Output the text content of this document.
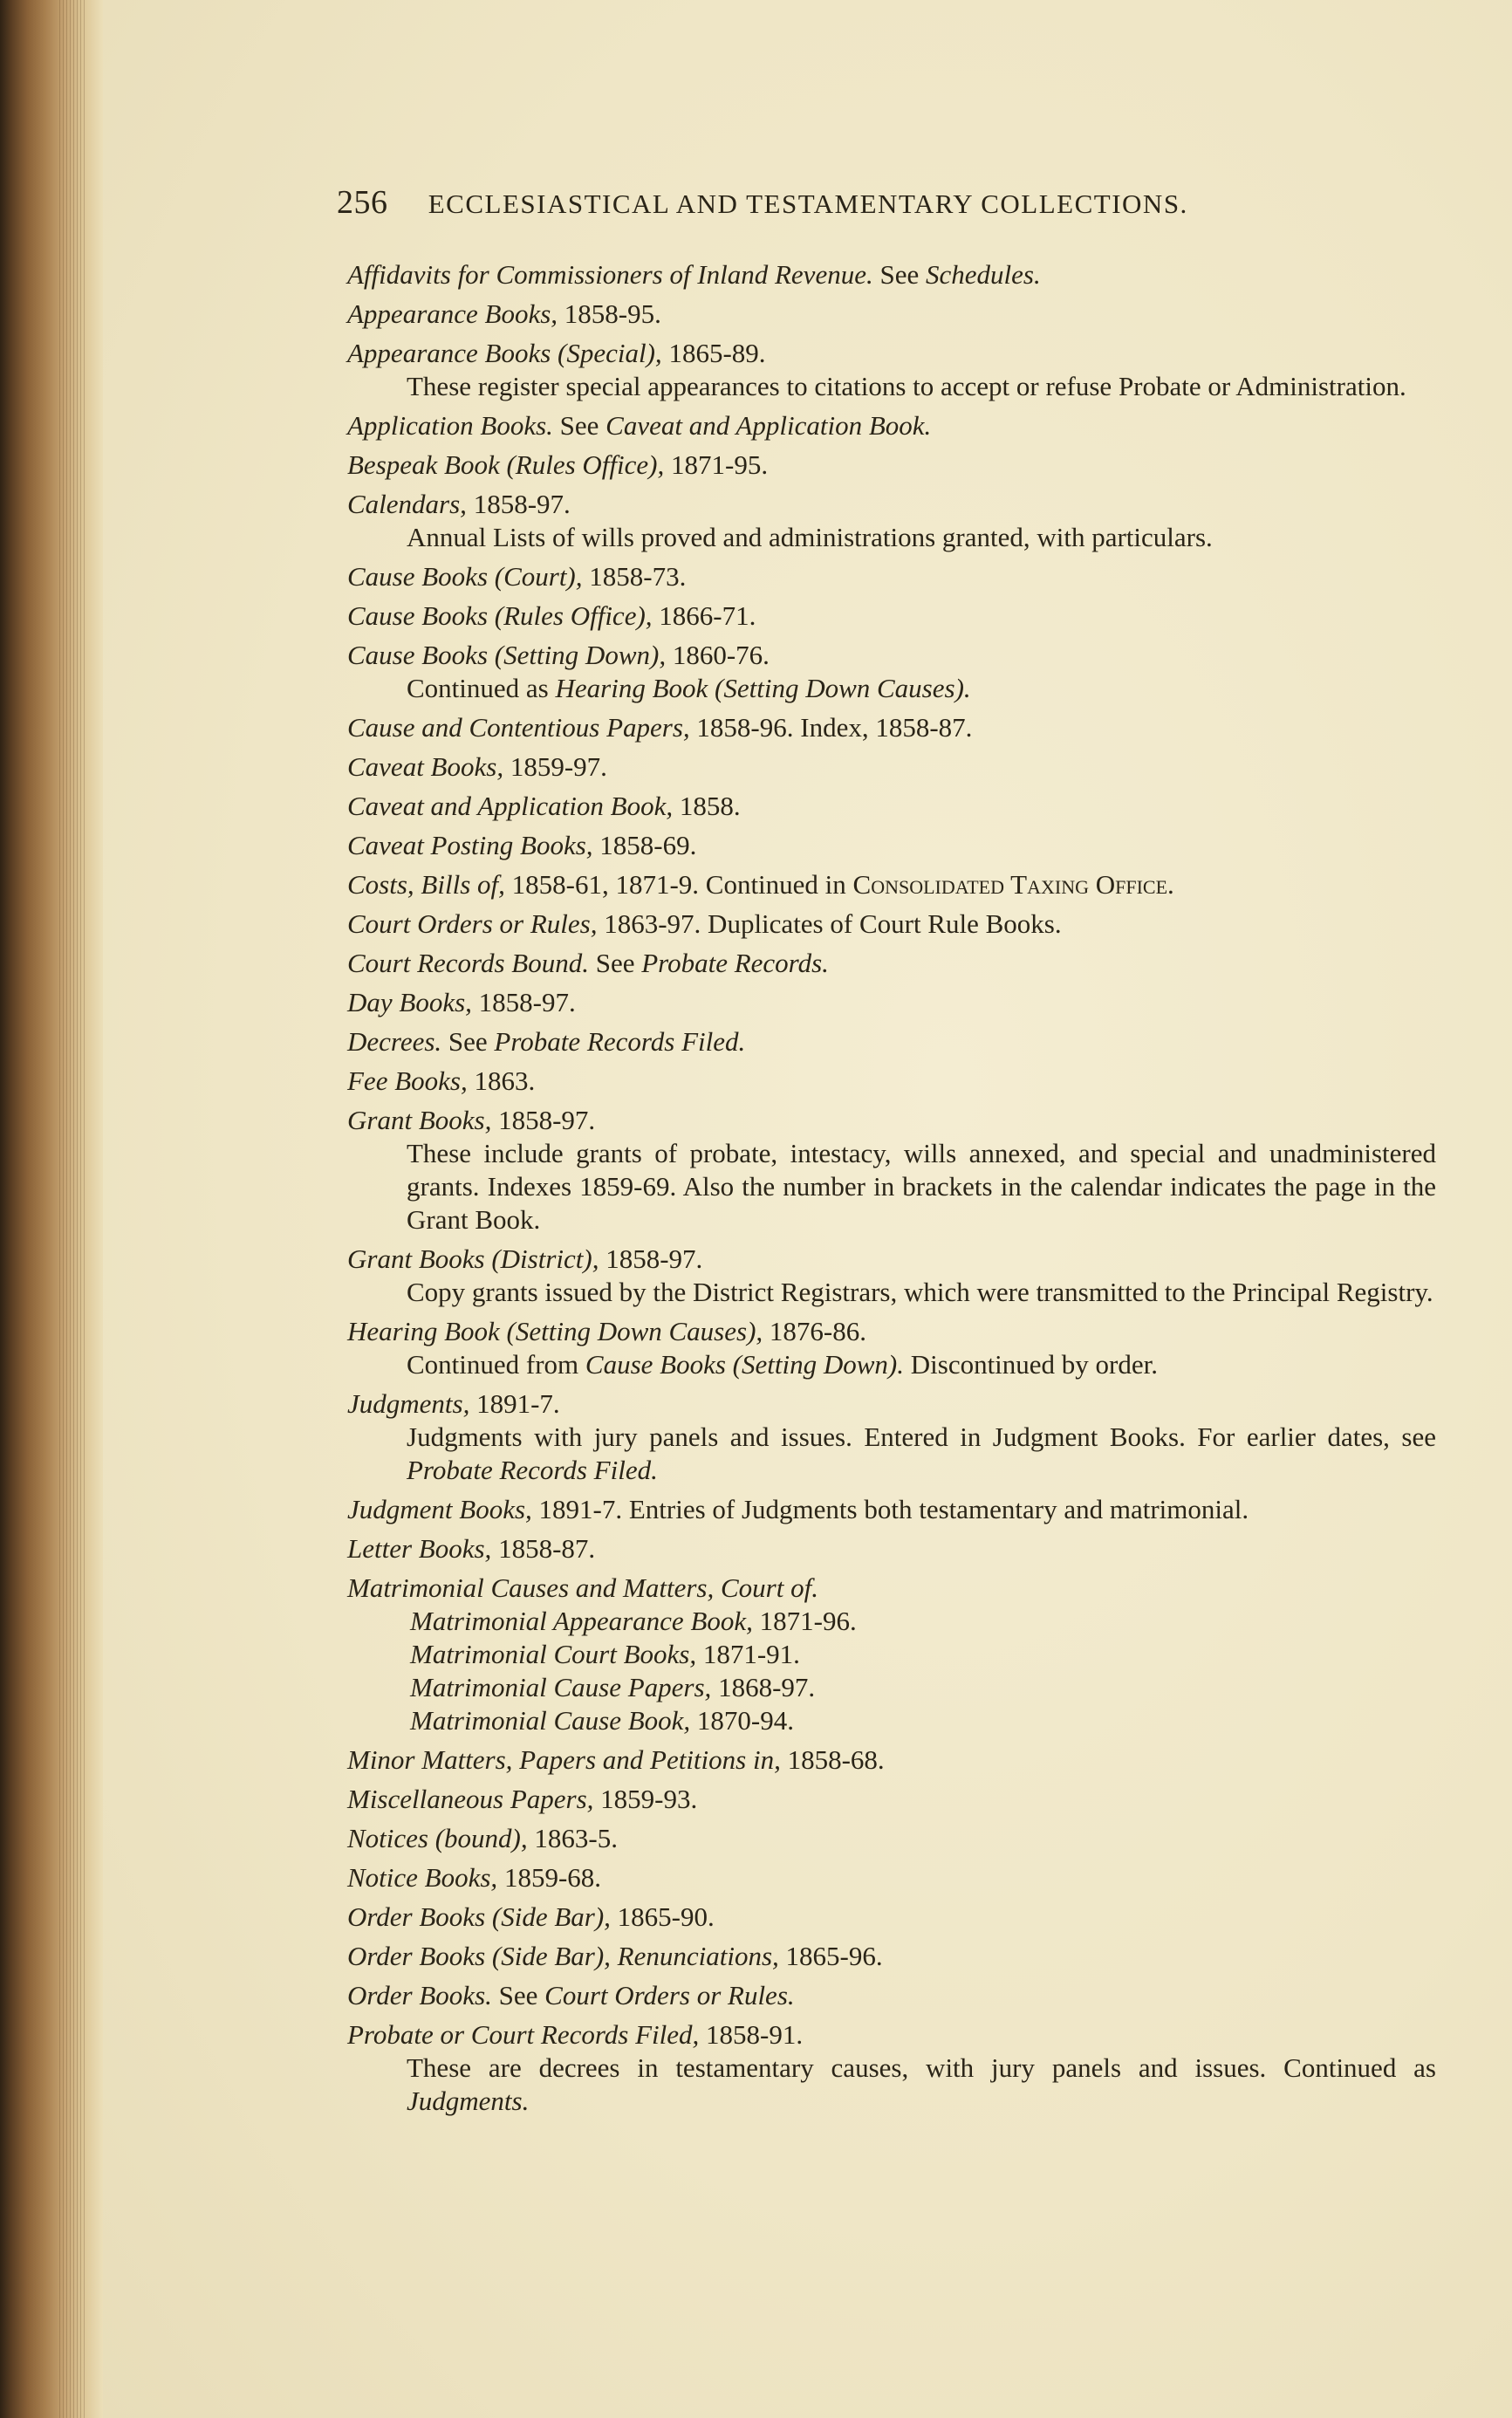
256 ECCLESIASTICAL AND TESTAMENTARY COLLECTIONS.
Affidavits for Commissioners of Inland Revenue. See Schedules.
Appearance Books, 1858-95.
Appearance Books (Special), 1865-89.
These register special appearances to citations to accept or refuse Probate or Administration.
Application Books. See Caveat and Application Book.
Bespeak Book (Rules Office), 1871-95.
Calendars, 1858-97.
Annual Lists of wills proved and administrations granted, with particulars.
Cause Books (Court), 1858-73.
Cause Books (Rules Office), 1866-71.
Cause Books (Setting Down), 1860-76.
Continued as Hearing Book (Setting Down Causes).
Cause and Contentious Papers, 1858-96. Index, 1858-87.
Caveat Books, 1859-97.
Caveat and Application Book, 1858.
Caveat Posting Books, 1858-69.
Costs, Bills of, 1858-61, 1871-9. Continued in Consolidated Taxing Office.
Court Orders or Rules, 1863-97. Duplicates of Court Rule Books.
Court Records Bound. See Probate Records.
Day Books, 1858-97.
Decrees. See Probate Records Filed.
Fee Books, 1863.
Grant Books, 1858-97.
These include grants of probate, intestacy, wills annexed, and special and unadministered grants. Indexes 1859-69. Also the number in brackets in the calendar indicates the page in the Grant Book.
Grant Books (District), 1858-97.
Copy grants issued by the District Registrars, which were transmitted to the Principal Registry.
Hearing Book (Setting Down Causes), 1876-86.
Continued from Cause Books (Setting Down). Discontinued by order.
Judgments, 1891-7.
Judgments with jury panels and issues. Entered in Judgment Books. For earlier dates, see Probate Records Filed.
Judgment Books, 1891-7. Entries of Judgments both testamentary and matrimonial.
Letter Books, 1858-87.
Matrimonial Causes and Matters, Court of.
Matrimonial Appearance Book, 1871-96.
Matrimonial Court Books, 1871-91.
Matrimonial Cause Papers, 1868-97.
Matrimonial Cause Book, 1870-94.
Minor Matters, Papers and Petitions in, 1858-68.
Miscellaneous Papers, 1859-93.
Notices (bound), 1863-5.
Notice Books, 1859-68.
Order Books (Side Bar), 1865-90.
Order Books (Side Bar), Renunciations, 1865-96.
Order Books. See Court Orders or Rules.
Probate or Court Records Filed, 1858-91.
These are decrees in testamentary causes, with jury panels and issues. Continued as Judgments.
